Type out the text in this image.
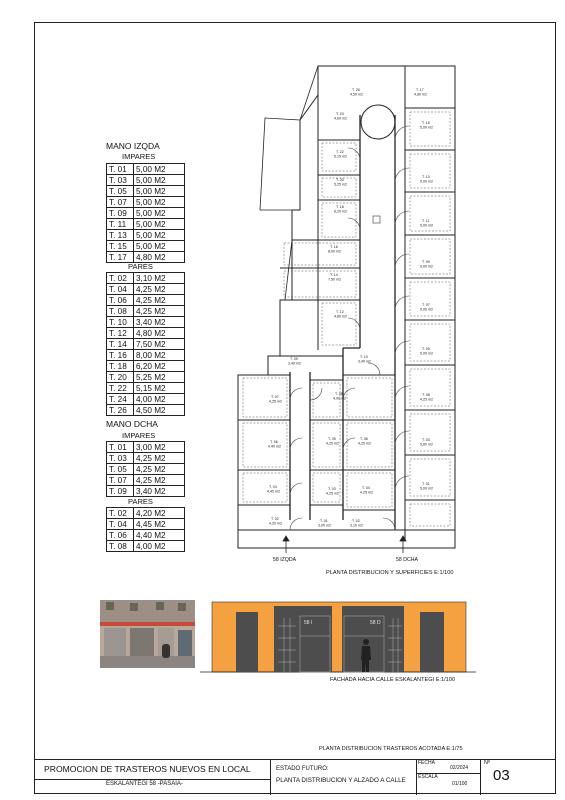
MANO IZQDA
IMPARES
T. 01	5,00 M2
T. 03	5,00 M2
T. 05	5,00 M2
T. 07	5,00 M2
T. 09	5,00 M2
T. 11	5,00 M2
T. 13	5,00 M2
T. 15	5,00 M2
T. 17	4,80 M2
PARES
T. 02	3,10 M2
T. 04	4,25 M2
T. 06	4,25 M2
T. 08	4,25 M2
T. 10	3,40 M2
T. 12	4,80 M2
T. 14	7,50 M2
T. 16	8,00 M2
T. 18	6,20 M2
T. 20	5,25 M2
T. 22	5,15 M2
T. 24	4,00 M2
T. 26	4,50 M2
MANO DCHA
IMPARES
T. 01	3,00 M2
T. 03	4,25 M2
T. 05	4,25 M2
T. 07	4,25 M2
T. 09	3,40 M2
PARES
T. 02	4,20 M2
T. 04	4,45 M2
T. 06	4,40 M2
T. 08	4,00 M2
T. 26
4,50 m2
T. 17
4,80 m2
T. 24
4,00 m2
T. 15
5,00 m2
T. 22
5,15 m2
T. 20
5,25 m2
T. 13
5,00 m2
T. 18
6,20 m2
T. 11
5,00 m2
T. 16
8,00 m2
T. 14
7,50 m2
T. 09
5,00 m2
T. 12
4,80 m2
T. 07
5,00 m2
T. 09
3,40 m2
T. 10
3,40 m2
T. 05
5,00 m2
T. 08
4,00 m2
T. 07
4,25 m2
T. 08
4,25 m2
T. 06
4,40 m2
T. 05
4,25 m2
T. 06
4,25 m2
T. 03
5,00 m2
T. 04
4,45 m2
T. 03
4,25 m2
T. 04
4,25 m2
T. 01
5,00 m2
T. 02
4,20 m2
T. 01
3,00 m2
T. 02
3,10 m2
58 IZQDA	58 DCHA
PLANTA DISTRIBUCION Y SUPERFICIES E:1/100
58 I	58 D
FACHADA HACIA CALLE ESKALANTEGI E:1/100
PLANTA DISTRIBUCION TRASTEROS ACOTADA E:1/75
PROMOCION DE TRASTEROS NUEVOS EN LOCAL
ESKALANTEGI 58 -PASAIA-
ESTADO FUTURO:
PLANTA DISTRIBUCION Y ALZADO A CALLE
FECHA
02/2024
ESCALA
01/100
Nº
03
